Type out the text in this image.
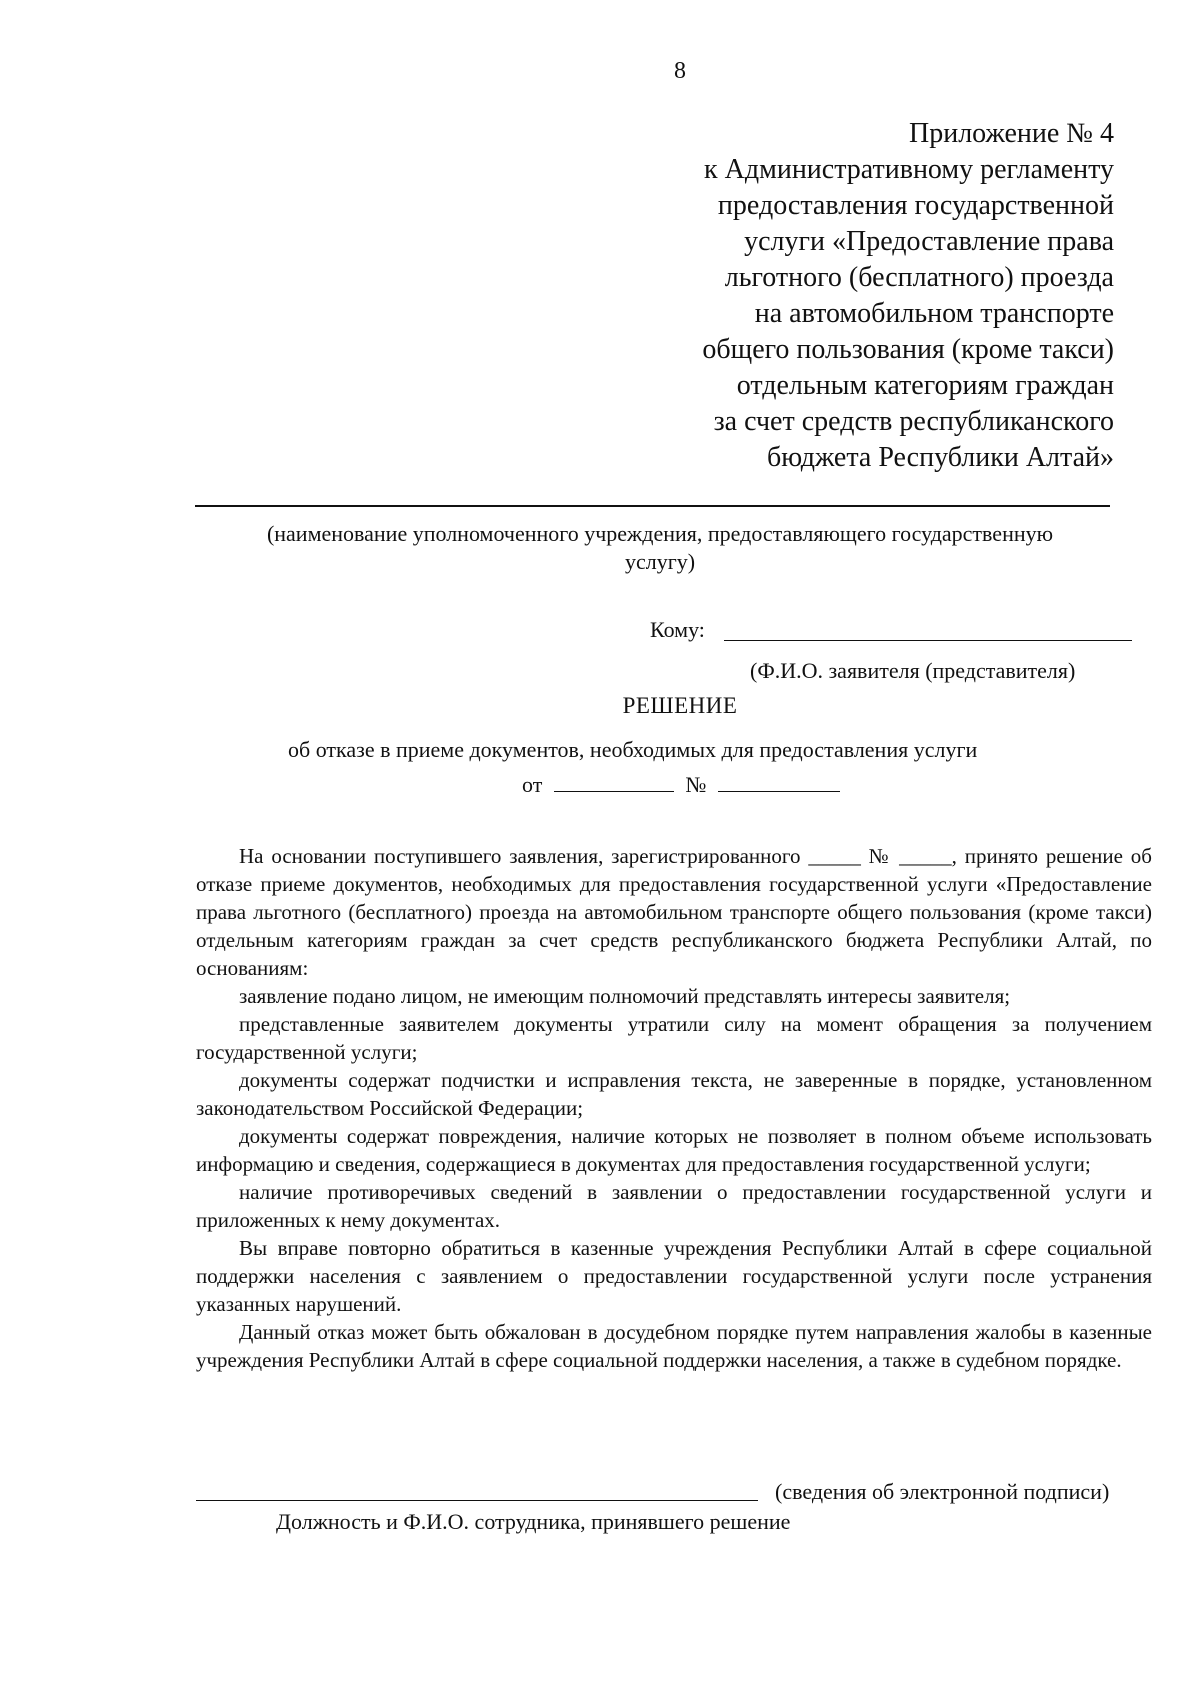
8
Приложение № 4
к Административному регламенту
предоставления государственной
услуги «Предоставление права
льготного (бесплатного) проезда
на автомобильном транспорте
общего пользования (кроме такси)
отдельным категориям граждан
за счет средств республиканского
бюджета Республики Алтай»
(наименование уполномоченного учреждения, предоставляющего государственную
услугу)
Кому:
(Ф.И.О. заявителя (представителя)
РЕШЕНИЕ
об отказе в приеме документов, необходимых для предоставления услуги
от	№

На основании поступившего заявления, зарегистрированного _____ № _____, принято решение об отказе приеме документов, необходимых для предоставления государственной услуги «Предоставление права льготного (бесплатного) проезда на автомобильном транспорте общего пользования (кроме такси) отдельным категориям граждан за счет средств республиканского бюджета Республики Алтай, по основаниям:

заявление подано лицом, не имеющим полномочий представлять интересы заявителя;

представленные заявителем документы утратили силу на момент обращения за получением государственной услуги;

документы содержат подчистки и исправления текста, не заверенные в порядке, установленном законодательством Российской Федерации;

документы содержат повреждения, наличие которых не позволяет в полном объеме использовать информацию и сведения, содержащиеся в документах для предоставления государственной услуги;

наличие противоречивых сведений в заявлении о предоставлении государственной услуги и приложенных к нему документах.

Вы вправе повторно обратиться в казенные учреждения Республики Алтай в сфере социальной поддержки населения с заявлением о предоставлении государственной услуги после устранения указанных нарушений.

Данный отказ может быть обжалован в досудебном порядке путем направления жалобы в казенные учреждения Республики Алтай в сфере социальной поддержки населения, а также в судебном порядке.

(сведения об электронной подписи)
Должность и Ф.И.О. сотрудника, принявшего решение
